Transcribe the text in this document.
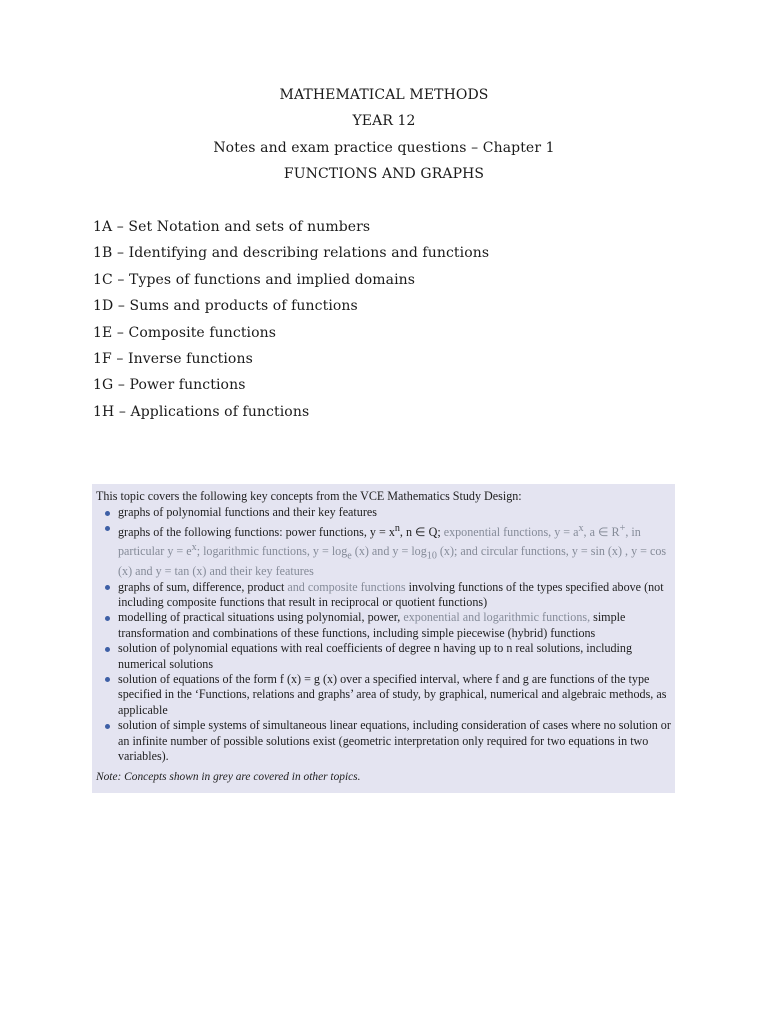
MATHEMATICAL METHODS
YEAR 12
Notes and exam practice questions – Chapter 1
FUNCTIONS AND GRAPHS
1A – Set Notation and sets of numbers
1B – Identifying and describing relations and functions
1C – Types of functions and implied domains
1D – Sums and products of functions
1E – Composite functions
1F – Inverse functions
1G – Power functions
1H – Applications of functions
This topic covers the following key concepts from the VCE Mathematics Study Design:
graphs of polynomial functions and their key features
graphs of the following functions: power functions, $y = x^n$, n ∈ Q; exponential functions, $y = a^x$, a ∈ R+, in particular $y = e^x$; logarithmic functions, $y = \log_e (x)$ and $y = \log_{10} (x)$; and circular functions, y = sin (x) , y = cos (x) and y = tan (x) and their key features
graphs of sum, difference, product and composite functions involving functions of the types specified above (not including composite functions that result in reciprocal or quotient functions)
modelling of practical situations using polynomial, power, exponential and logarithmic functions, simple transformation and combinations of these functions, including simple piecewise (hybrid) functions
solution of polynomial equations with real coefficients of degree n having up to n real solutions, including numerical solutions
solution of equations of the form f (x) = g (x) over a specified interval, where f and g are functions of the type specified in the ‘Functions, relations and graphs’ area of study, by graphical, numerical and algebraic methods, as applicable
solution of simple systems of simultaneous linear equations, including consideration of cases where no solution or an infinite number of possible solutions exist (geometric interpretation only required for two equations in two variables).
Note: Concepts shown in grey are covered in other topics.
